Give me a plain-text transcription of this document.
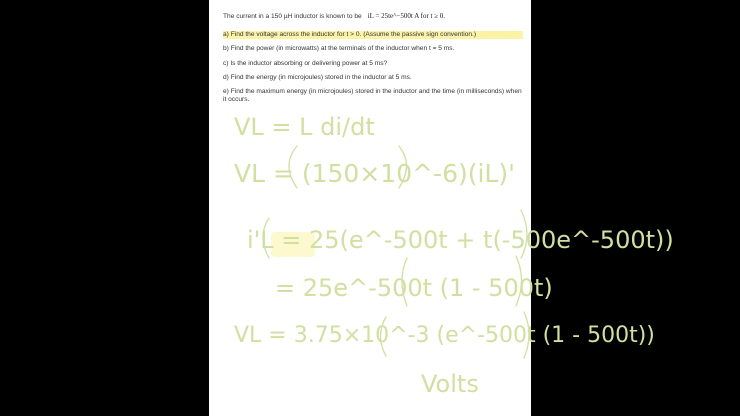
The current in a 150 µH inductor is known to be iL = 25te^−500t A for t ≥ 0.
a) Find the voltage across the inductor for t > 0. (Assume the passive sign convention.)
b) Find the power (in microwatts) at the terminals of the inductor when t = 5 ms.
c) Is the inductor absorbing or delivering power at 5 ms?
d) Find the energy (in microjoules) stored in the inductor at 5 ms.
e) Find the maximum energy (in microjoules) stored in the inductor and the time (in milliseconds) when it occurs.
VL = L di/dt
VL = (150×10^-6)(iL)'
i'L = 25(e^-500t + t(-500e^-500t))
= 25e^-500t (1 - 500t)
VL = 3.75×10^-3 (e^-500t (1 - 500t))
Volts
